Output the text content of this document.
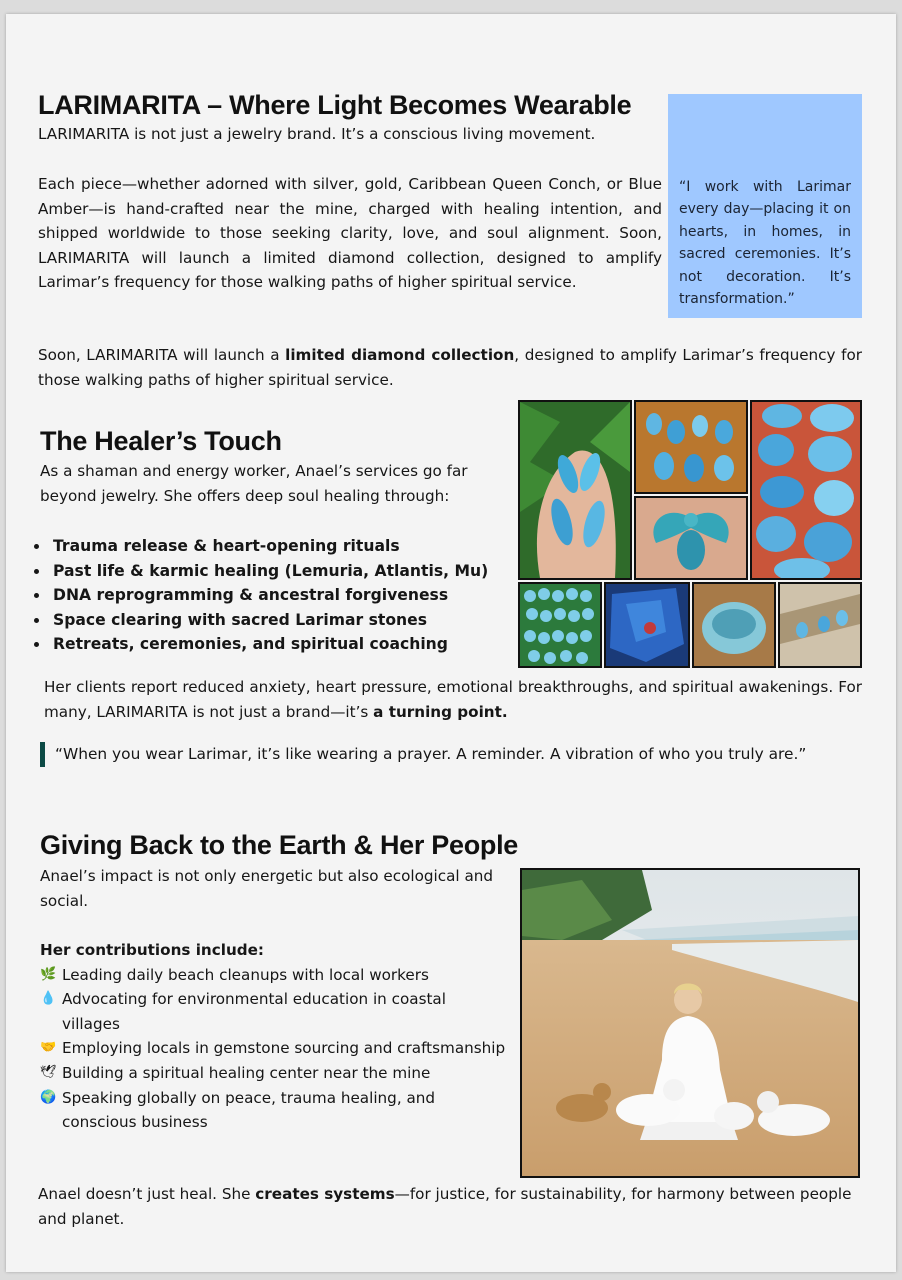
LARIMARITA – Where Light Becomes Wearable

LARIMARITA is not just a jewelry brand. It’s a conscious living movement.

Each piece—whether adorned with silver, gold, Caribbean Queen Conch, or Blue Amber—is hand-crafted near the mine, charged with healing intention, and shipped worldwide to those seeking clarity, love, and soul alignment. Soon, LARIMARITA will launch a limited diamond collection, designed to amplify Larimar’s frequency for those walking paths of higher spiritual service.

“I work with Larimar every day—placing it on hearts, in homes, in sacred ceremonies. It’s not decoration. It’s transformation.”

Soon, LARIMARITA will launch a limited diamond collection, designed to amplify Larimar’s frequency for those walking paths of higher spiritual service.

The Healer’s Touch

As a shaman and energy worker, Anael’s services go far beyond jewelry. She offers deep soul healing through:

• Trauma release & heart-opening rituals
• Past life & karmic healing (Lemuria, Atlantis, Mu)
• DNA reprogramming & ancestral forgiveness
• Space clearing with sacred Larimar stones
• Retreats, ceremonies, and spiritual coaching

Her clients report reduced anxiety, heart pressure, emotional breakthroughs, and spiritual awakenings. For many, LARIMARITA is not just a brand—it’s a turning point.

“When you wear Larimar, it’s like wearing a prayer. A reminder. A vibration of who you truly are.”
Giving Back to the Earth & Her People

Anael’s impact is not only energetic but also ecological and social.

Her contributions include:
🌿 Leading daily beach cleanups with local workers
💧 Advocating for environmental education in coastal villages
🤝 Employing locals in gemstone sourcing and craftsmanship
🕊 Building a spiritual healing center near the mine
🌍 Speaking globally on peace, trauma healing, and conscious business

Anael doesn’t just heal. She creates systems—for justice, for sustainability, for harmony between people and planet.
